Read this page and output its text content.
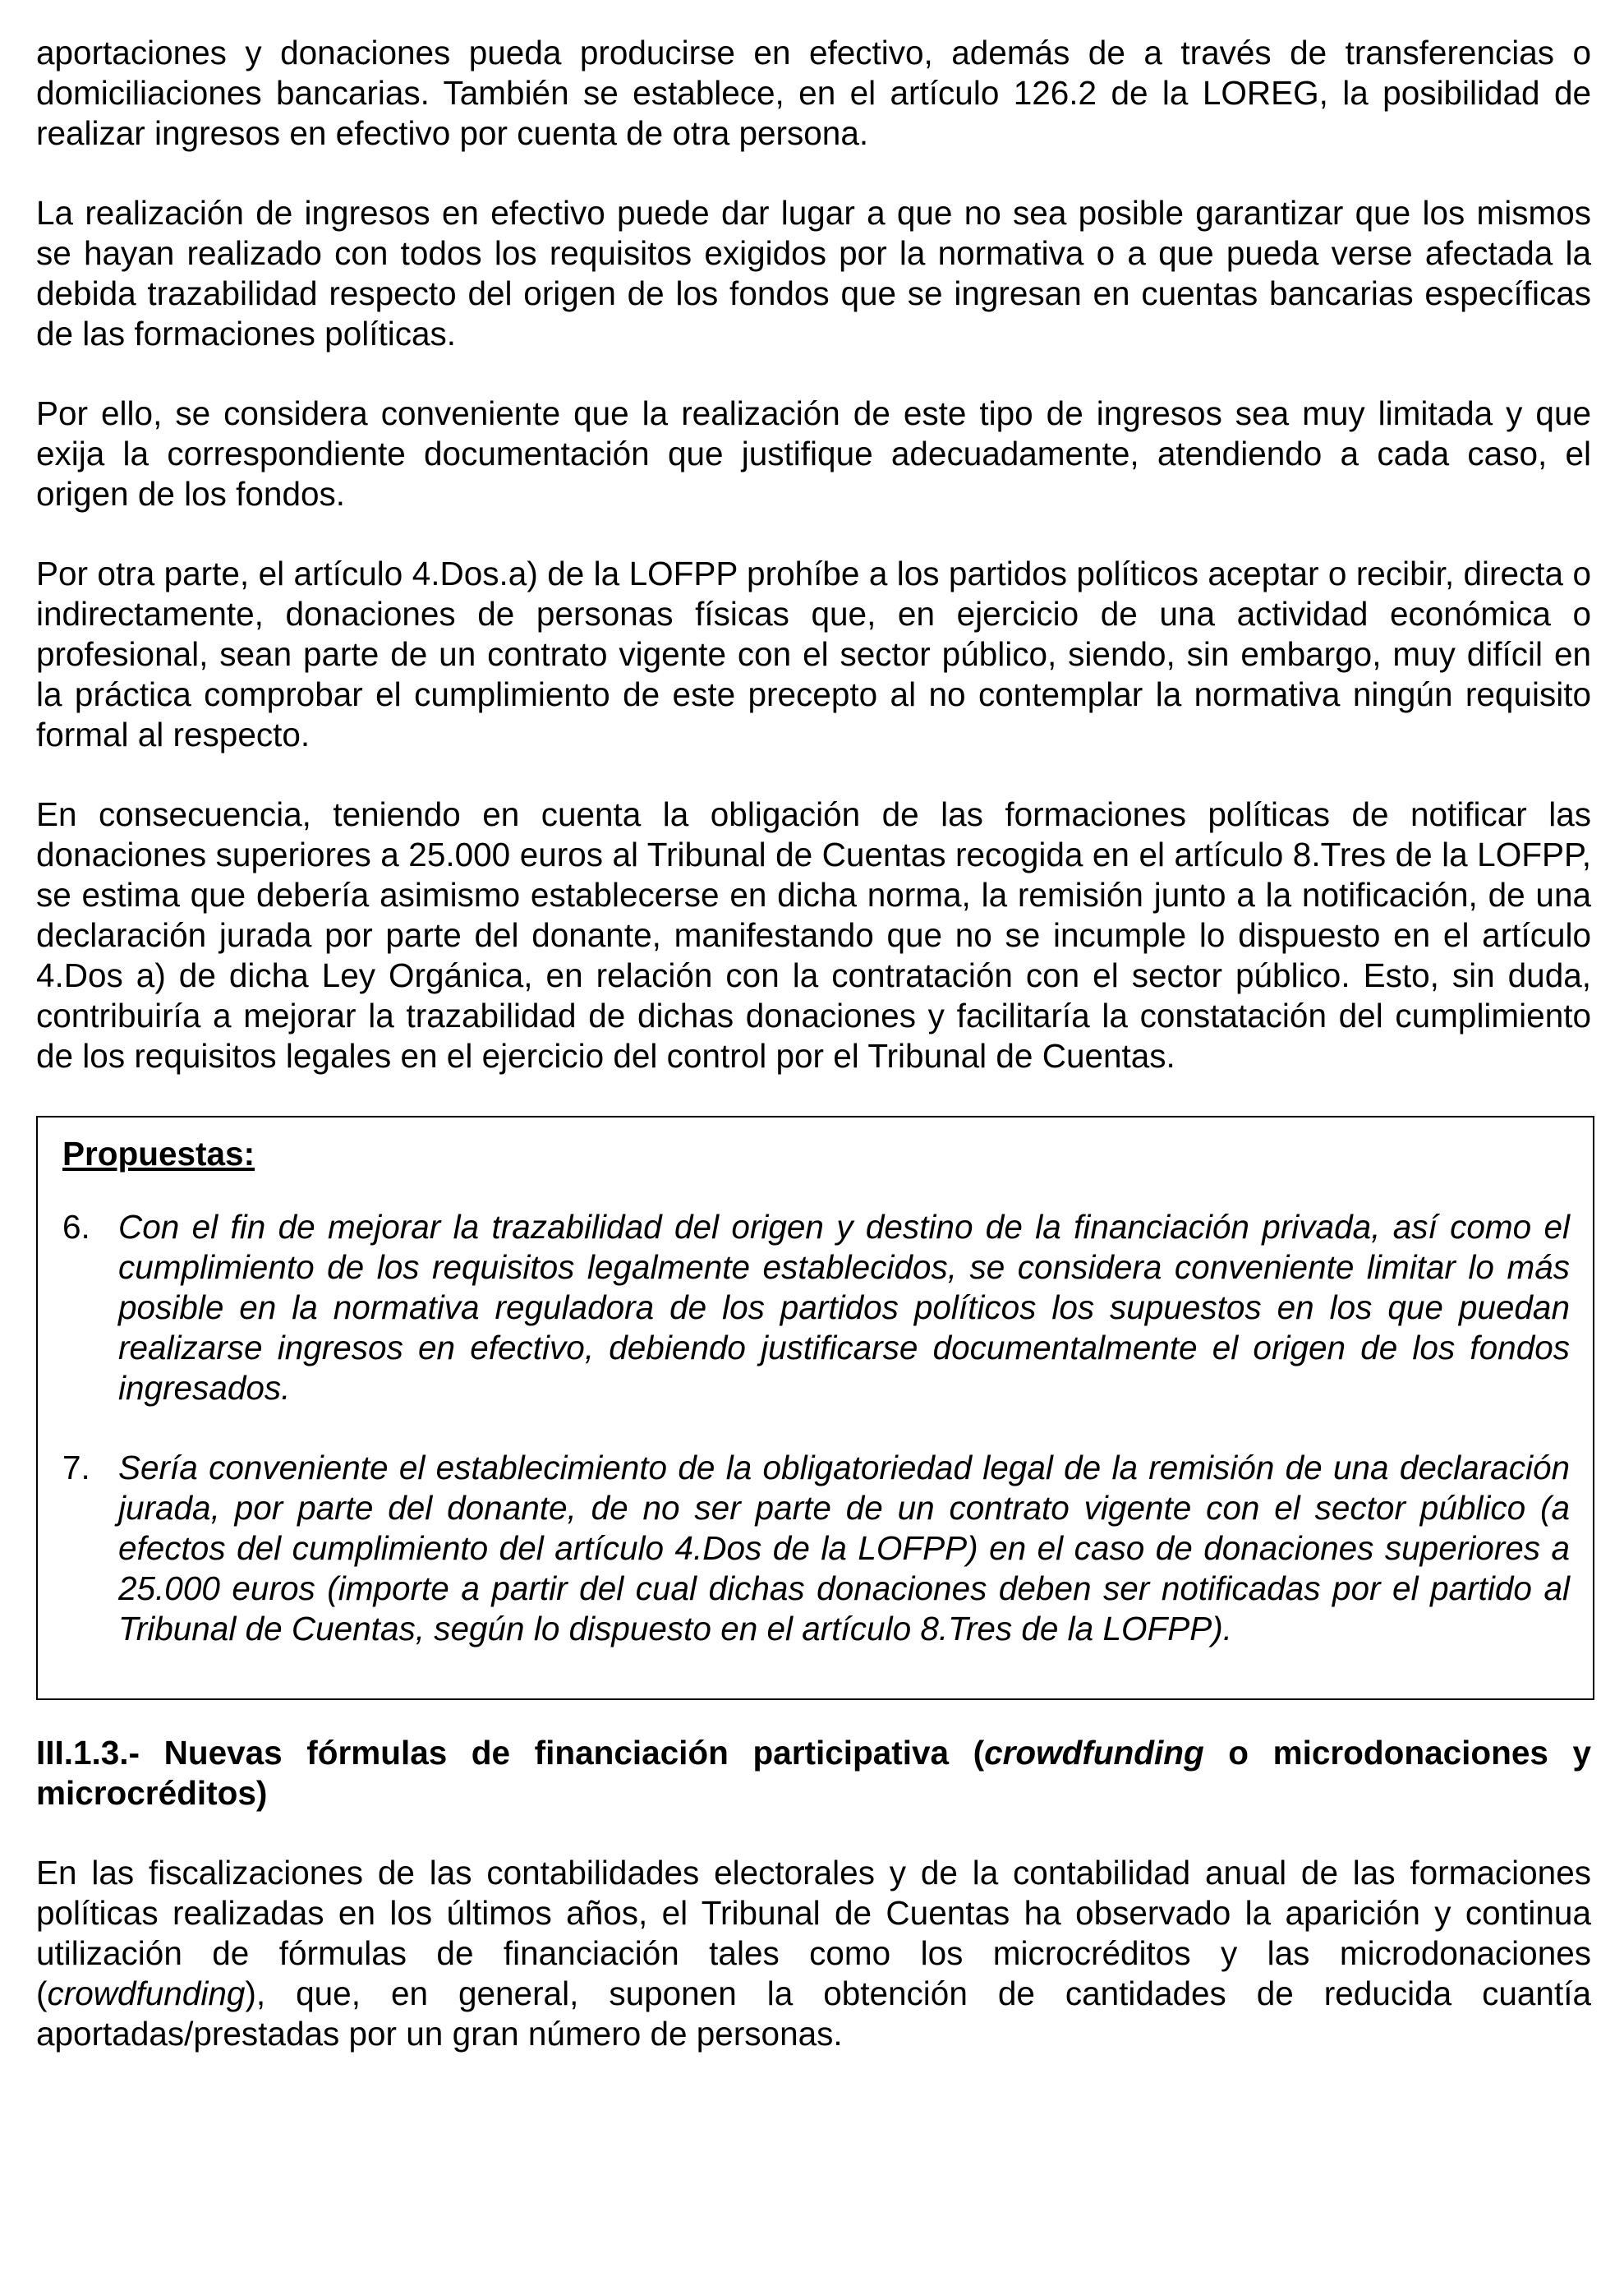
aportaciones y donaciones pueda producirse en efectivo, además de a través de transferencias o domiciliaciones bancarias. También se establece, en el artículo 126.2 de la LOREG, la posibilidad de realizar ingresos en efectivo por cuenta de otra persona.

La realización de ingresos en efectivo puede dar lugar a que no sea posible garantizar que los mismos se hayan realizado con todos los requisitos exigidos por la normativa o a que pueda verse afectada la debida trazabilidad respecto del origen de los fondos que se ingresan en cuentas bancarias específicas de las formaciones políticas.

Por ello, se considera conveniente que la realización de este tipo de ingresos sea muy limitada y que exija la correspondiente documentación que justifique adecuadamente, atendiendo a cada caso, el origen de los fondos.

Por otra parte, el artículo 4.Dos.a) de la LOFPP prohíbe a los partidos políticos aceptar o recibir, directa o indirectamente, donaciones de personas físicas que, en ejercicio de una actividad económica o profesional, sean parte de un contrato vigente con el sector público, siendo, sin embargo, muy difícil en la práctica comprobar el cumplimiento de este precepto al no contemplar la normativa ningún requisito formal al respecto.

En consecuencia, teniendo en cuenta la obligación de las formaciones políticas de notificar las donaciones superiores a 25.000 euros al Tribunal de Cuentas recogida en el artículo 8.Tres de la LOFPP, se estima que debería asimismo establecerse en dicha norma, la remisión junto a la notificación, de una declaración jurada por parte del donante, manifestando que no se incumple lo dispuesto en el artículo 4.Dos a) de dicha Ley Orgánica, en relación con la contratación con el sector público. Esto, sin duda, contribuiría a mejorar la trazabilidad de dichas donaciones y facilitaría la constatación del cumplimiento de los requisitos legales en el ejercicio del control por el Tribunal de Cuentas.

Propuestas:
6. Con el fin de mejorar la trazabilidad del origen y destino de la financiación privada, así como el cumplimiento de los requisitos legalmente establecidos, se considera conveniente limitar lo más posible en la normativa reguladora de los partidos políticos los supuestos en los que puedan realizarse ingresos en efectivo, debiendo justificarse documentalmente el origen de los fondos ingresados.
7. Sería conveniente el establecimiento de la obligatoriedad legal de la remisión de una declaración jurada, por parte del donante, de no ser parte de un contrato vigente con el sector público (a efectos del cumplimiento del artículo 4.Dos de la LOFPP) en el caso de donaciones superiores a 25.000 euros (importe a partir del cual dichas donaciones deben ser notificadas por el partido al Tribunal de Cuentas, según lo dispuesto en el artículo 8.Tres de la LOFPP).
III.1.3.- Nuevas fórmulas de financiación participativa (crowdfunding o microdonaciones y microcréditos)

En las fiscalizaciones de las contabilidades electorales y de la contabilidad anual de las formaciones políticas realizadas en los últimos años, el Tribunal de Cuentas ha observado la aparición y continua utilización de fórmulas de financiación tales como los microcréditos y las microdonaciones (crowdfunding), que, en general, suponen la obtención de cantidades de reducida cuantía aportadas/prestadas por un gran número de personas.
